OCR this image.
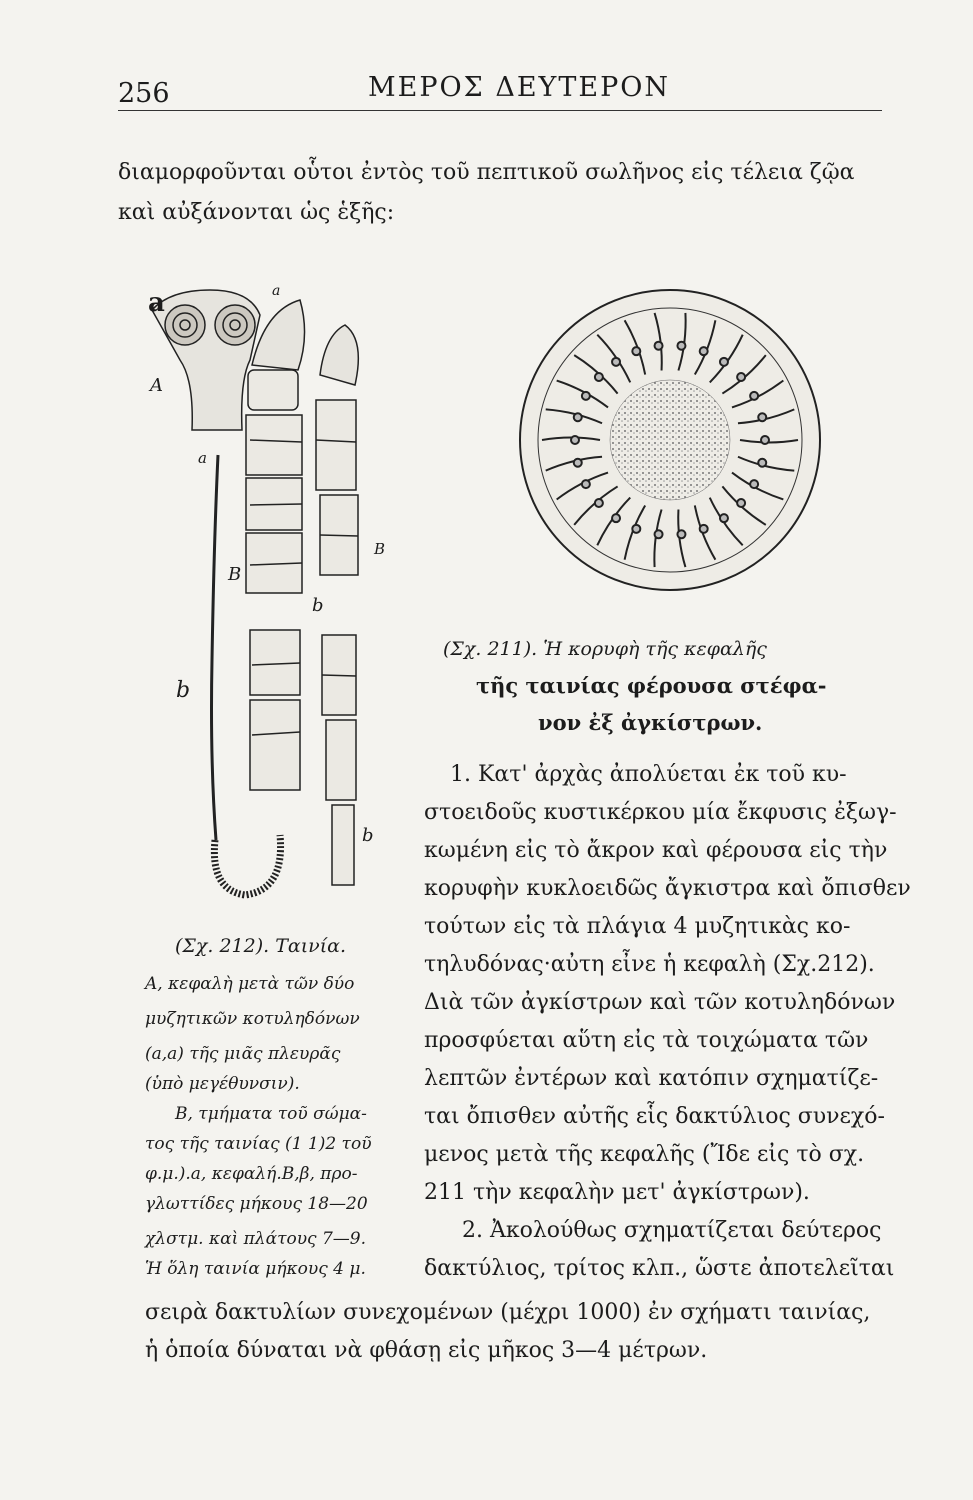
256	ΜΕΡΟΣ ΔΕΥΤΕΡΟΝ
διαμορφοῦνται οὗτοι ἐντὸς τοῦ πεπτικοῦ σωλῆνος εἰς τέλεια ζῷα
καὶ αὐξάνονται ὡς ἑξῆς:
a	a
A
a
B
B
b
b
b
(Σχ. 211). Ἡ κορυφὴ τῆς κεφαλῆς
τῆς ταινίας φέρουσα στέφα-
νον ἐξ ἀγκίστρων.
(Σχ. 212). Ταινία.
A, κεφαλὴ μετὰ τῶν δύο
μυζητικῶν κοτυληδόνων
(a,a) τῆς μιᾶς πλευρᾶς
(ὑπὸ μεγέθυνσιν).
B, τμήματα τοῦ σώμα-
τος τῆς ταινίας (1 1)2 τοῦ
φ.μ.).a, κεφαλή.B,β, προ-
γλωττίδες μήκους 18—20
χλστμ. καὶ πλάτους 7—9.
Ἡ ὅλη ταινία μήκους 4 μ.
1. Κατ' ἀρχὰς ἀπολύεται ἐκ τοῦ κυ-
στοειδοῦς κυστικέρκου μία ἔκφυσις ἐξωγ-
κωμένη εἰς τὸ ἄκρον καὶ φέρουσα εἰς τὴν
κορυφὴν κυκλοειδῶς ἄγκιστρα καὶ ὄπισθεν
τούτων εἰς τὰ πλάγια 4 μυζητικὰς κο-
τηλυδόνας·αὐτη εἶνε ἡ κεφαλὴ (Σχ.212).
Διὰ τῶν ἀγκίστρων καὶ τῶν κοτυληδόνων
προσφύεται αὕτη εἰς τὰ τοιχώματα τῶν
λεπτῶν ἐντέρων καὶ κατόπιν σχηματίζε-
ται ὄπισθεν αὐτῆς εἷς δακτύλιος συνεχό-
μενος μετὰ τῆς κεφαλῆς (Ἴδε εἰς τὸ σχ.
211 τὴν κεφαλὴν μετ' ἀγκίστρων).
2. Ἀκολούθως σχηματίζεται δεύτερος
δακτύλιος, τρίτος κλπ., ὥστε ἀποτελεῖται
σειρὰ δακτυλίων συνεχομένων (μέχρι 1000) ἐν σχήματι ταινίας,
ἡ ὁποία δύναται νὰ φθάσῃ εἰς μῆκος 3—4 μέτρων.
